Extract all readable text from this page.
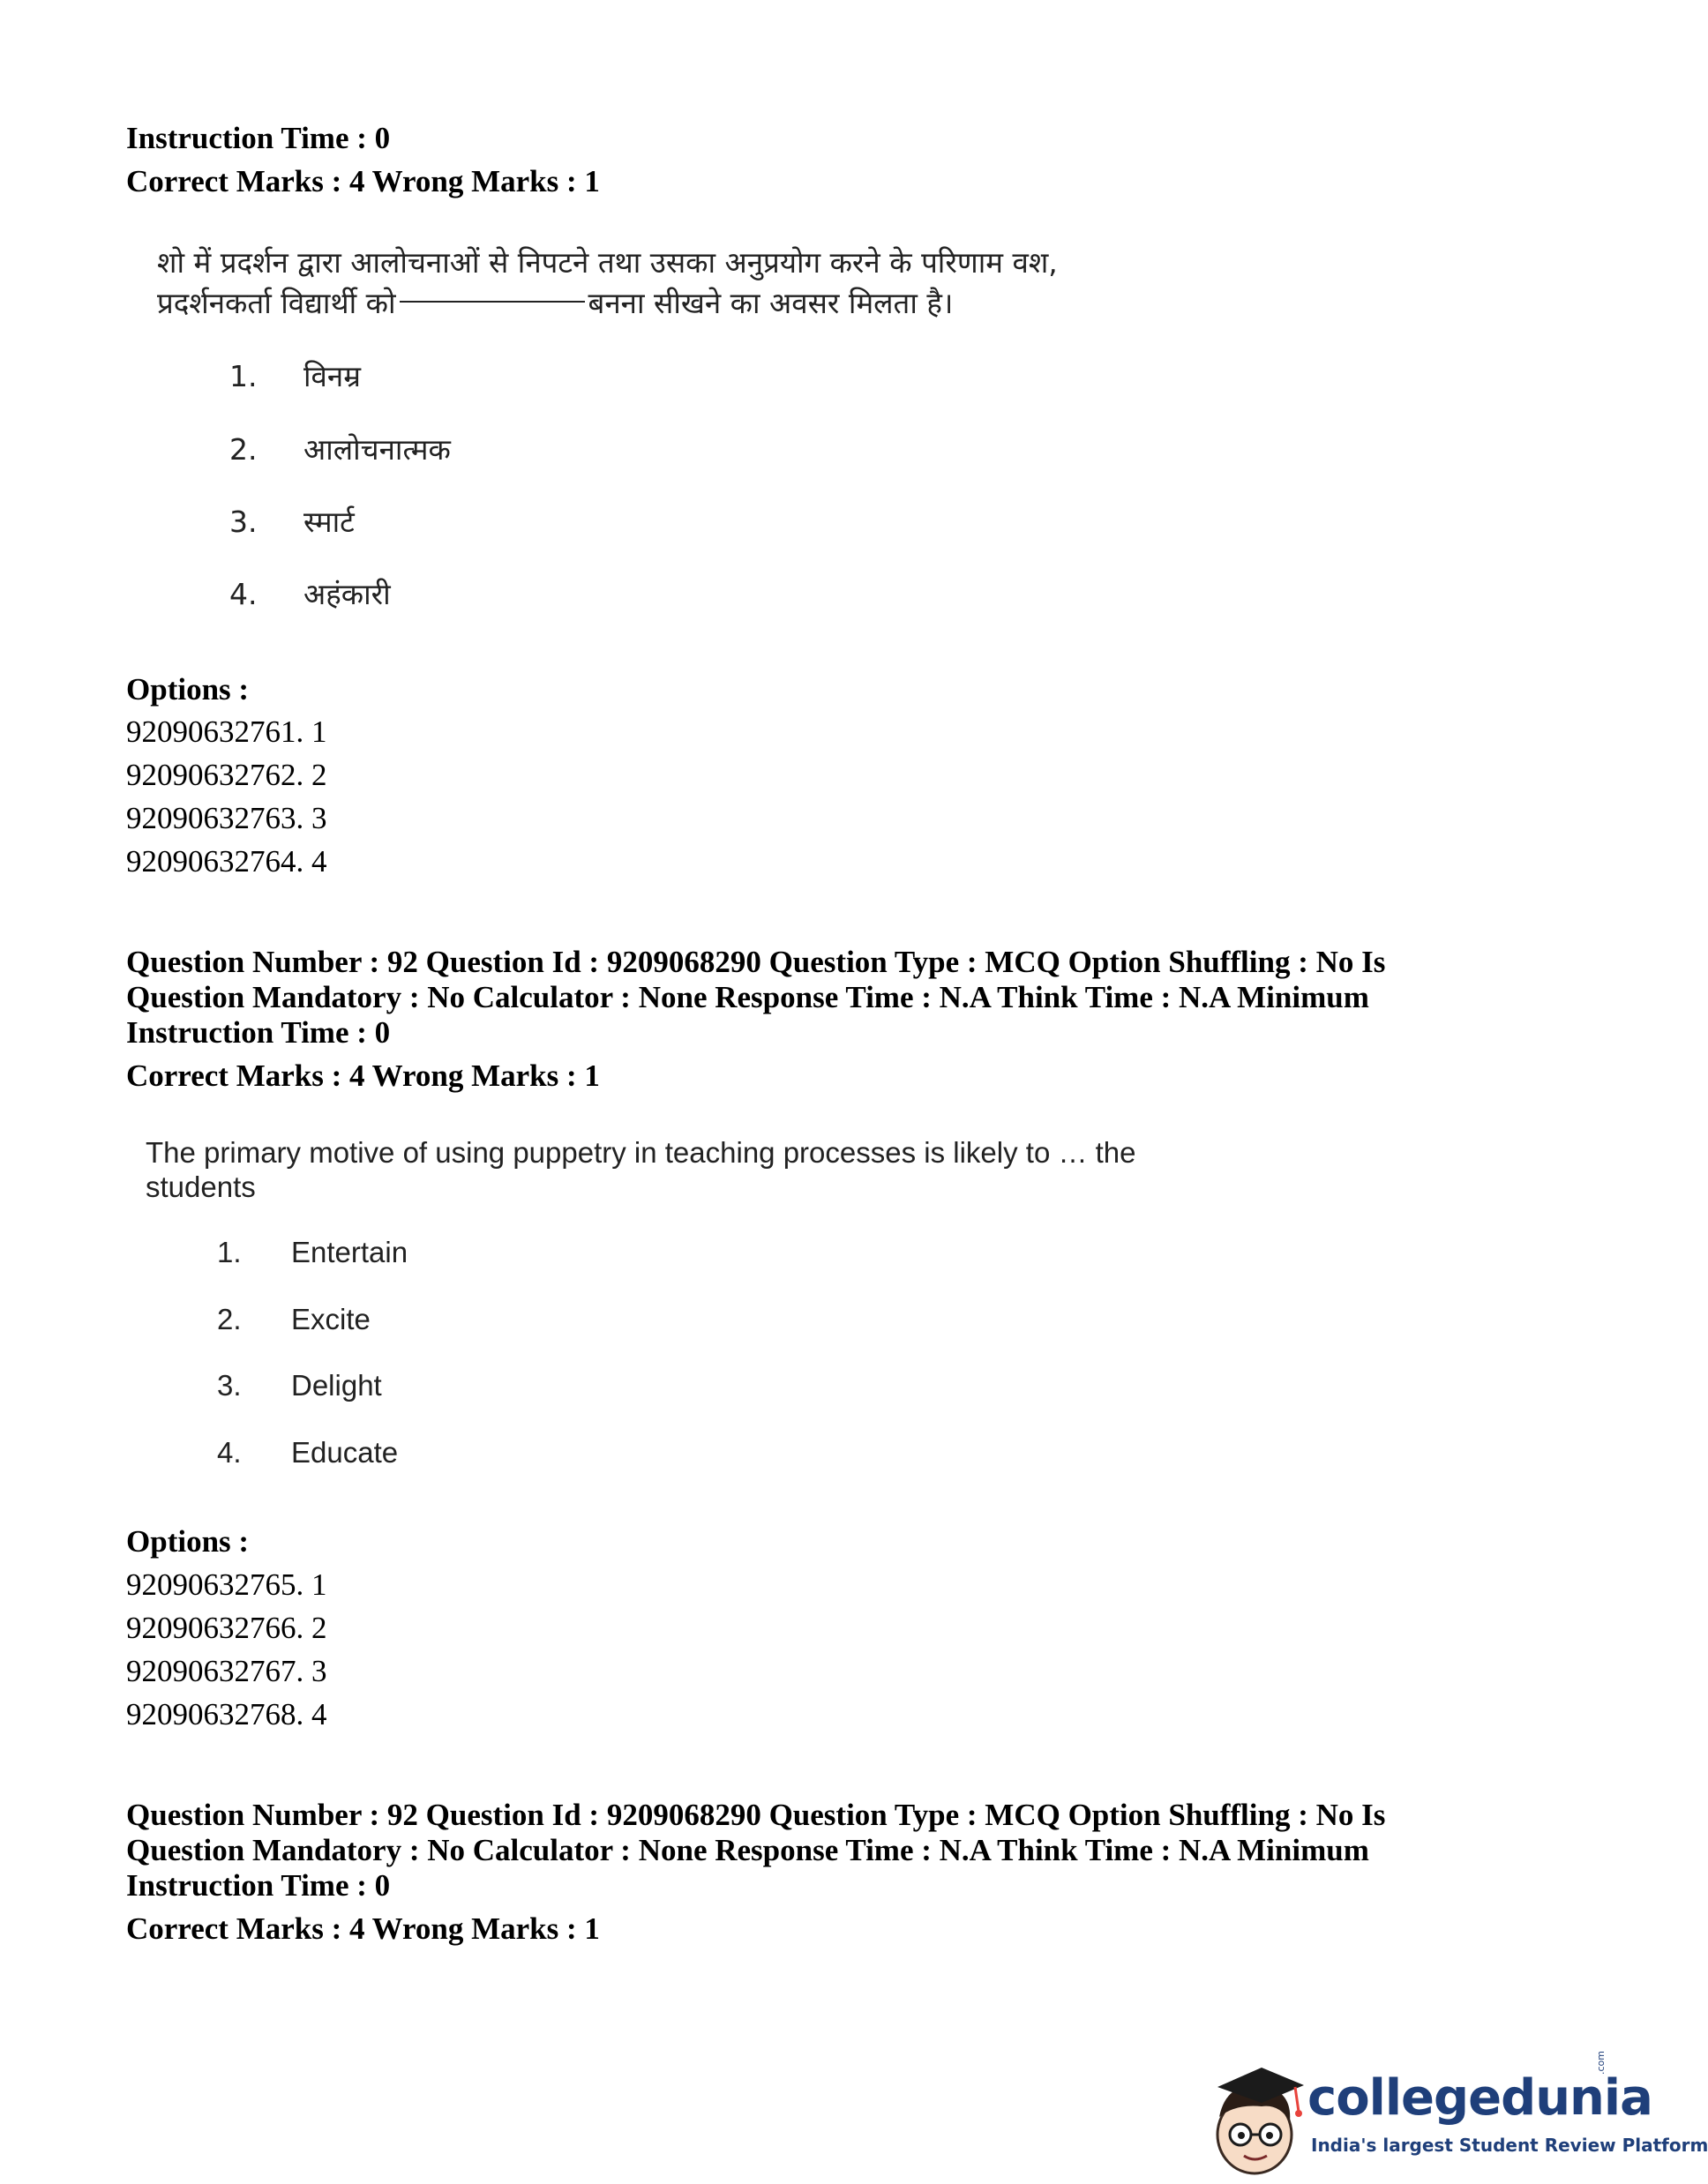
Instruction Time : 0
Correct Marks : 4 Wrong Marks : 1
शो में प्रदर्शन द्वारा आलोचनाओं से निपटने तथा उसका अनुप्रयोग करने के परिणाम वश,
प्रदर्शनकर्ता विद्यार्थी को	बनना सीखने का अवसर मिलता है।
1. विनम्र
2. आलोचनात्मक
3. स्मार्ट
4. अहंकारी
Options :
92090632761. 1
92090632762. 2
92090632763. 3
92090632764. 4
Question Number : 92 Question Id : 9209068290 Question Type : MCQ Option Shuffling : No Is
Question Mandatory : No Calculator : None Response Time : N.A Think Time : N.A Minimum
Instruction Time : 0
Correct Marks : 4 Wrong Marks : 1
The primary motive of using puppetry in teaching processes is likely to … the
students
1. Entertain
2. Excite
3. Delight
4. Educate
Options :
92090632765. 1
92090632766. 2
92090632767. 3
92090632768. 4
Question Number : 92 Question Id : 9209068290 Question Type : MCQ Option Shuffling : No Is
Question Mandatory : No Calculator : None Response Time : N.A Think Time : N.A Minimum
Instruction Time : 0
Correct Marks : 4 Wrong Marks : 1
collegedunia
.com
India's largest Student Review Platform
